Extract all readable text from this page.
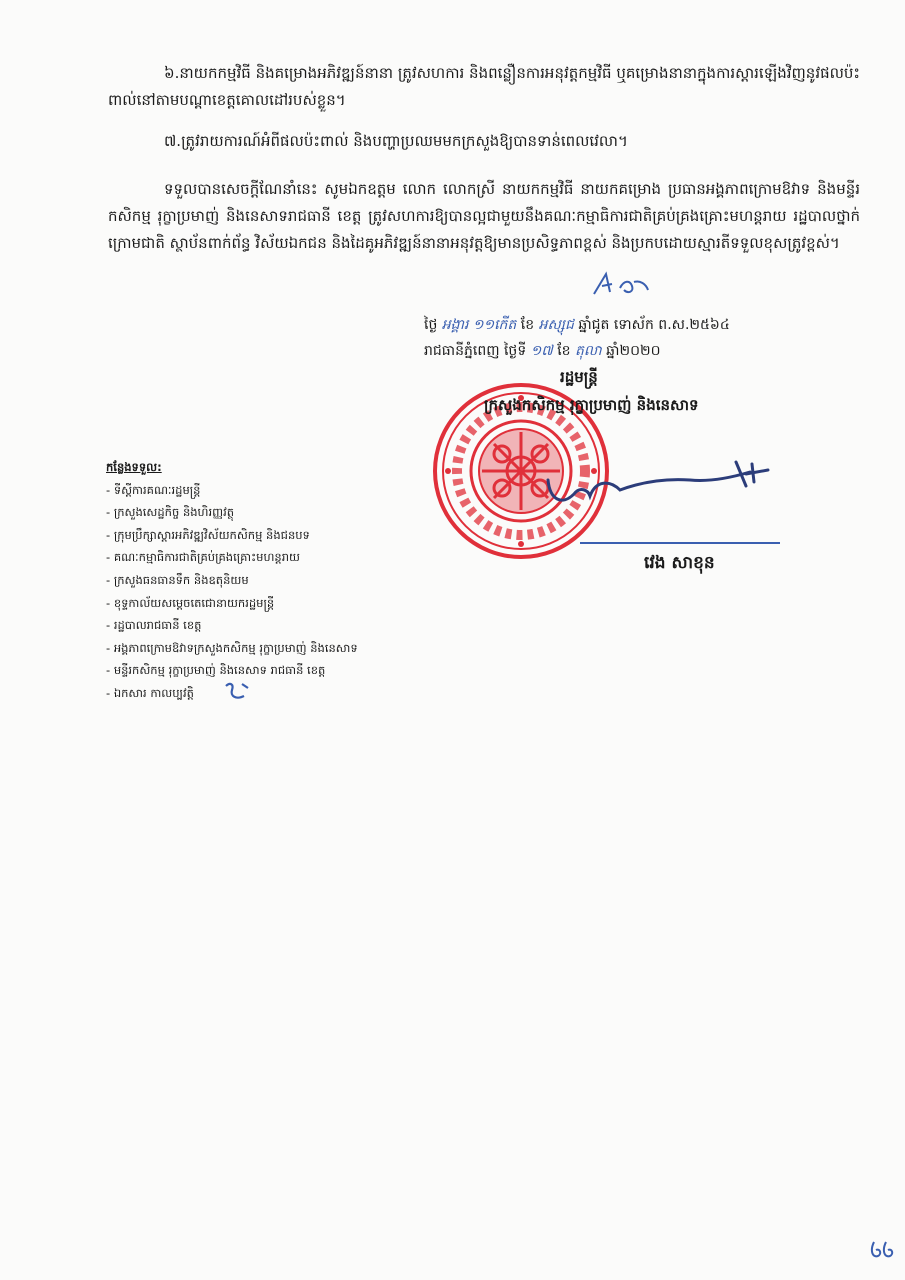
៦.នាយកកម្មវិធី និងគម្រោងអភិវឌ្ឍន៍នានា ត្រូវសហការ និងពន្លឿនការអនុវត្តកម្មវិធី ឬគម្រោងនានាក្នុងការស្តារឡើងវិញនូវផលប៉ះពាល់នៅតាមបណ្តាខេត្តគោលដៅរបស់ខ្លួន។

៧.ត្រូវរាយការណ៍អំពីផលប៉ះពាល់ និងបញ្ហាប្រឈមមកក្រសួងឱ្យបានទាន់ពេលវេលា។

ទទួលបានសេចក្តីណែនាំនេះ សូមឯកឧត្តម លោក លោកស្រី នាយកកម្មវិធី នាយកគម្រោង ប្រធានអង្គភាពក្រោមឱវាទ និងមន្ទីរកសិកម្ម រុក្ខាប្រមាញ់ និងនេសាទរាជធានី ខេត្ត ត្រូវសហការឱ្យបានល្អជាមួយនឹងគណៈកម្មាធិការជាតិគ្រប់គ្រងគ្រោះមហន្តរាយ រដ្ឋបាលថ្នាក់ក្រោមជាតិ ស្ថាប័នពាក់ព័ន្ធ វិស័យឯកជន និងដៃគូអភិវឌ្ឍន៍នានាអនុវត្តឱ្យមានប្រសិទ្ធភាពខ្ពស់ និងប្រកបដោយស្មារតីទទួលខុសត្រូវខ្ពស់។

ថ្ងៃ អង្គារ ១១កើត ខែ អស្សុជ ឆ្នាំជូត ទោស័ក ព.ស.២៥៦៤
រាជធានីភ្នំពេញ ថ្ងៃទី ១៧ ខែ តុលា ឆ្នាំ២០២០
រដ្ឋមន្ត្រី
ក្រសួងកសិកម្ម រុក្ខាប្រមាញ់ និងនេសាទ
វេង សាខុន
កន្លែងទទួល:
- ទីស្តីការគណៈរដ្ឋមន្ត្រី
- ក្រសួងសេដ្ឋកិច្ច និងហិរញ្ញវត្ថុ
- ក្រុមប្រឹក្សាស្តារអភិវឌ្ឍវិស័យកសិកម្ម និងជនបទ
- គណៈកម្មាធិការជាតិគ្រប់គ្រងគ្រោះមហន្តរាយ
- ក្រសួងធនធានទឹក និងឧតុនិយម
- ខុទ្ទកាល័យសម្តេចតេជោនាយករដ្ឋមន្ត្រី
- រដ្ឋបាលរាជធានី ខេត្ត
- អង្គភាពក្រោមឱវាទក្រសួងកសិកម្ម រុក្ខាប្រមាញ់ និងនេសាទ
- មន្ទីរកសិកម្ម រុក្ខាប្រមាញ់ និងនេសាទ រាជធានី ខេត្ត
- ឯកសារ កាលប្បវត្តិ
